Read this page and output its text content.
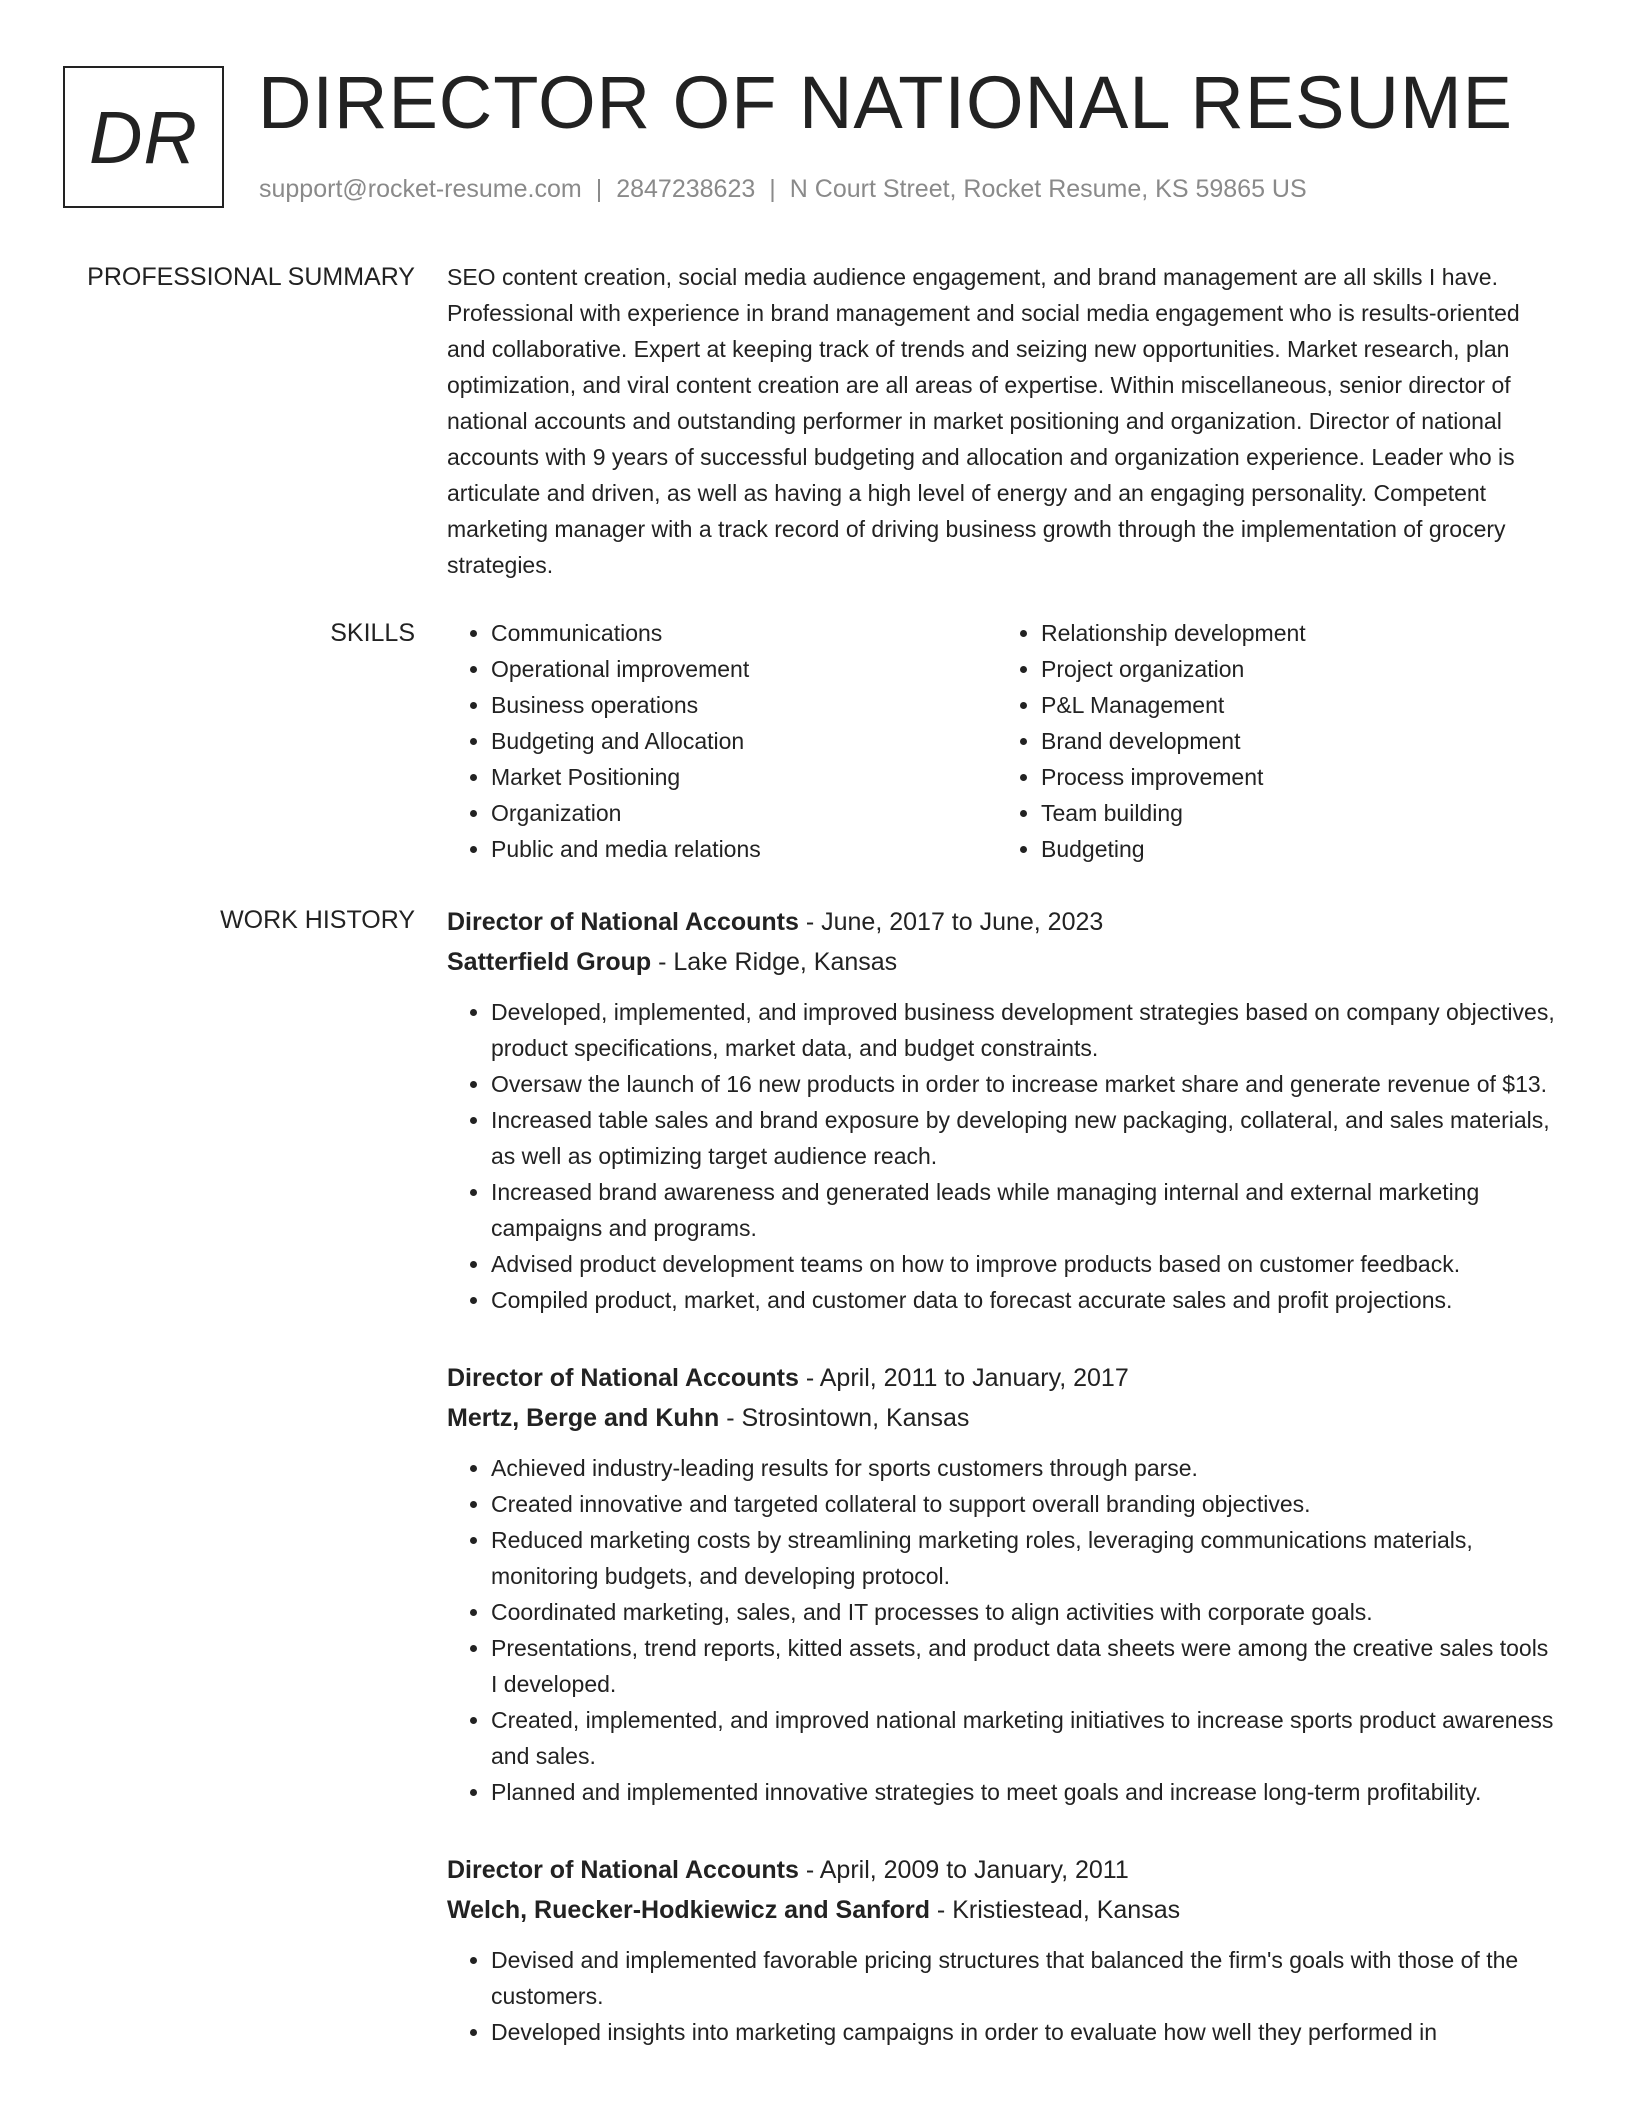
DR DIRECTOR OF NATIONAL RESUME
support@rocket-resume.com | 2847238623 | N Court Street, Rocket Resume, KS 59865 US
PROFESSIONAL SUMMARY SEO content creation, social media audience engagement, and brand management are all skills I have. Professional with experience in brand management and social media engagement who is results-oriented and collaborative. Expert at keeping track of trends and seizing new opportunities. Market research, plan optimization, and viral content creation are all areas of expertise. Within miscellaneous, senior director of national accounts and outstanding performer in market positioning and organization. Director of national accounts with 9 years of successful budgeting and allocation and organization experience. Leader who is articulate and driven, as well as having a high level of energy and an engaging personality. Competent marketing manager with a track record of driving business growth through the implementation of grocery strategies.

SKILLS
•	Communications
• Operational improvement
• Business operations
• Budgeting and Allocation
• Market Positioning
• Organization
• Public and media relations
• Relationship development
• Project organization
• P&L Management
• Brand development
• Process improvement
• Team building
• Budgeting
WORK HISTORY Director of National Accounts - June, 2017 to June, 2023
Satterfield Group - Lake Ridge, Kansas
• Developed, implemented, and improved business development strategies based on company objectives, product specifications, market data, and budget constraints.
• Oversaw the launch of 16 new products in order to increase market share and generate revenue of $13.
• Increased table sales and brand exposure by developing new packaging, collateral, and sales materials, as well as optimizing target audience reach.
• Increased brand awareness and generated leads while managing internal and external marketing campaigns and programs.
• Advised product development teams on how to improve products based on customer feedback.
• Compiled product, market, and customer data to forecast accurate sales and profit projections.
Director of National Accounts - April, 2011 to January, 2017
Mertz, Berge and Kuhn - Strosintown, Kansas
• Achieved industry-leading results for sports customers through parse.
• Created innovative and targeted collateral to support overall branding objectives.
• Reduced marketing costs by streamlining marketing roles, leveraging communications materials, monitoring budgets, and developing protocol.
• Coordinated marketing, sales, and IT processes to align activities with corporate goals.
• Presentations, trend reports, kitted assets, and product data sheets were among the creative sales tools I developed.
• Created, implemented, and improved national marketing initiatives to increase sports product awareness and sales.
• Planned and implemented innovative strategies to meet goals and increase long-term profitability.
Director of National Accounts - April, 2009 to January, 2011
Welch, Ruecker-Hodkiewicz and Sanford - Kristiestead, Kansas
• Devised and implemented favorable pricing structures that balanced the firm's goals with those of the customers.
• Developed insights into marketing campaigns in order to evaluate how well they performed in
